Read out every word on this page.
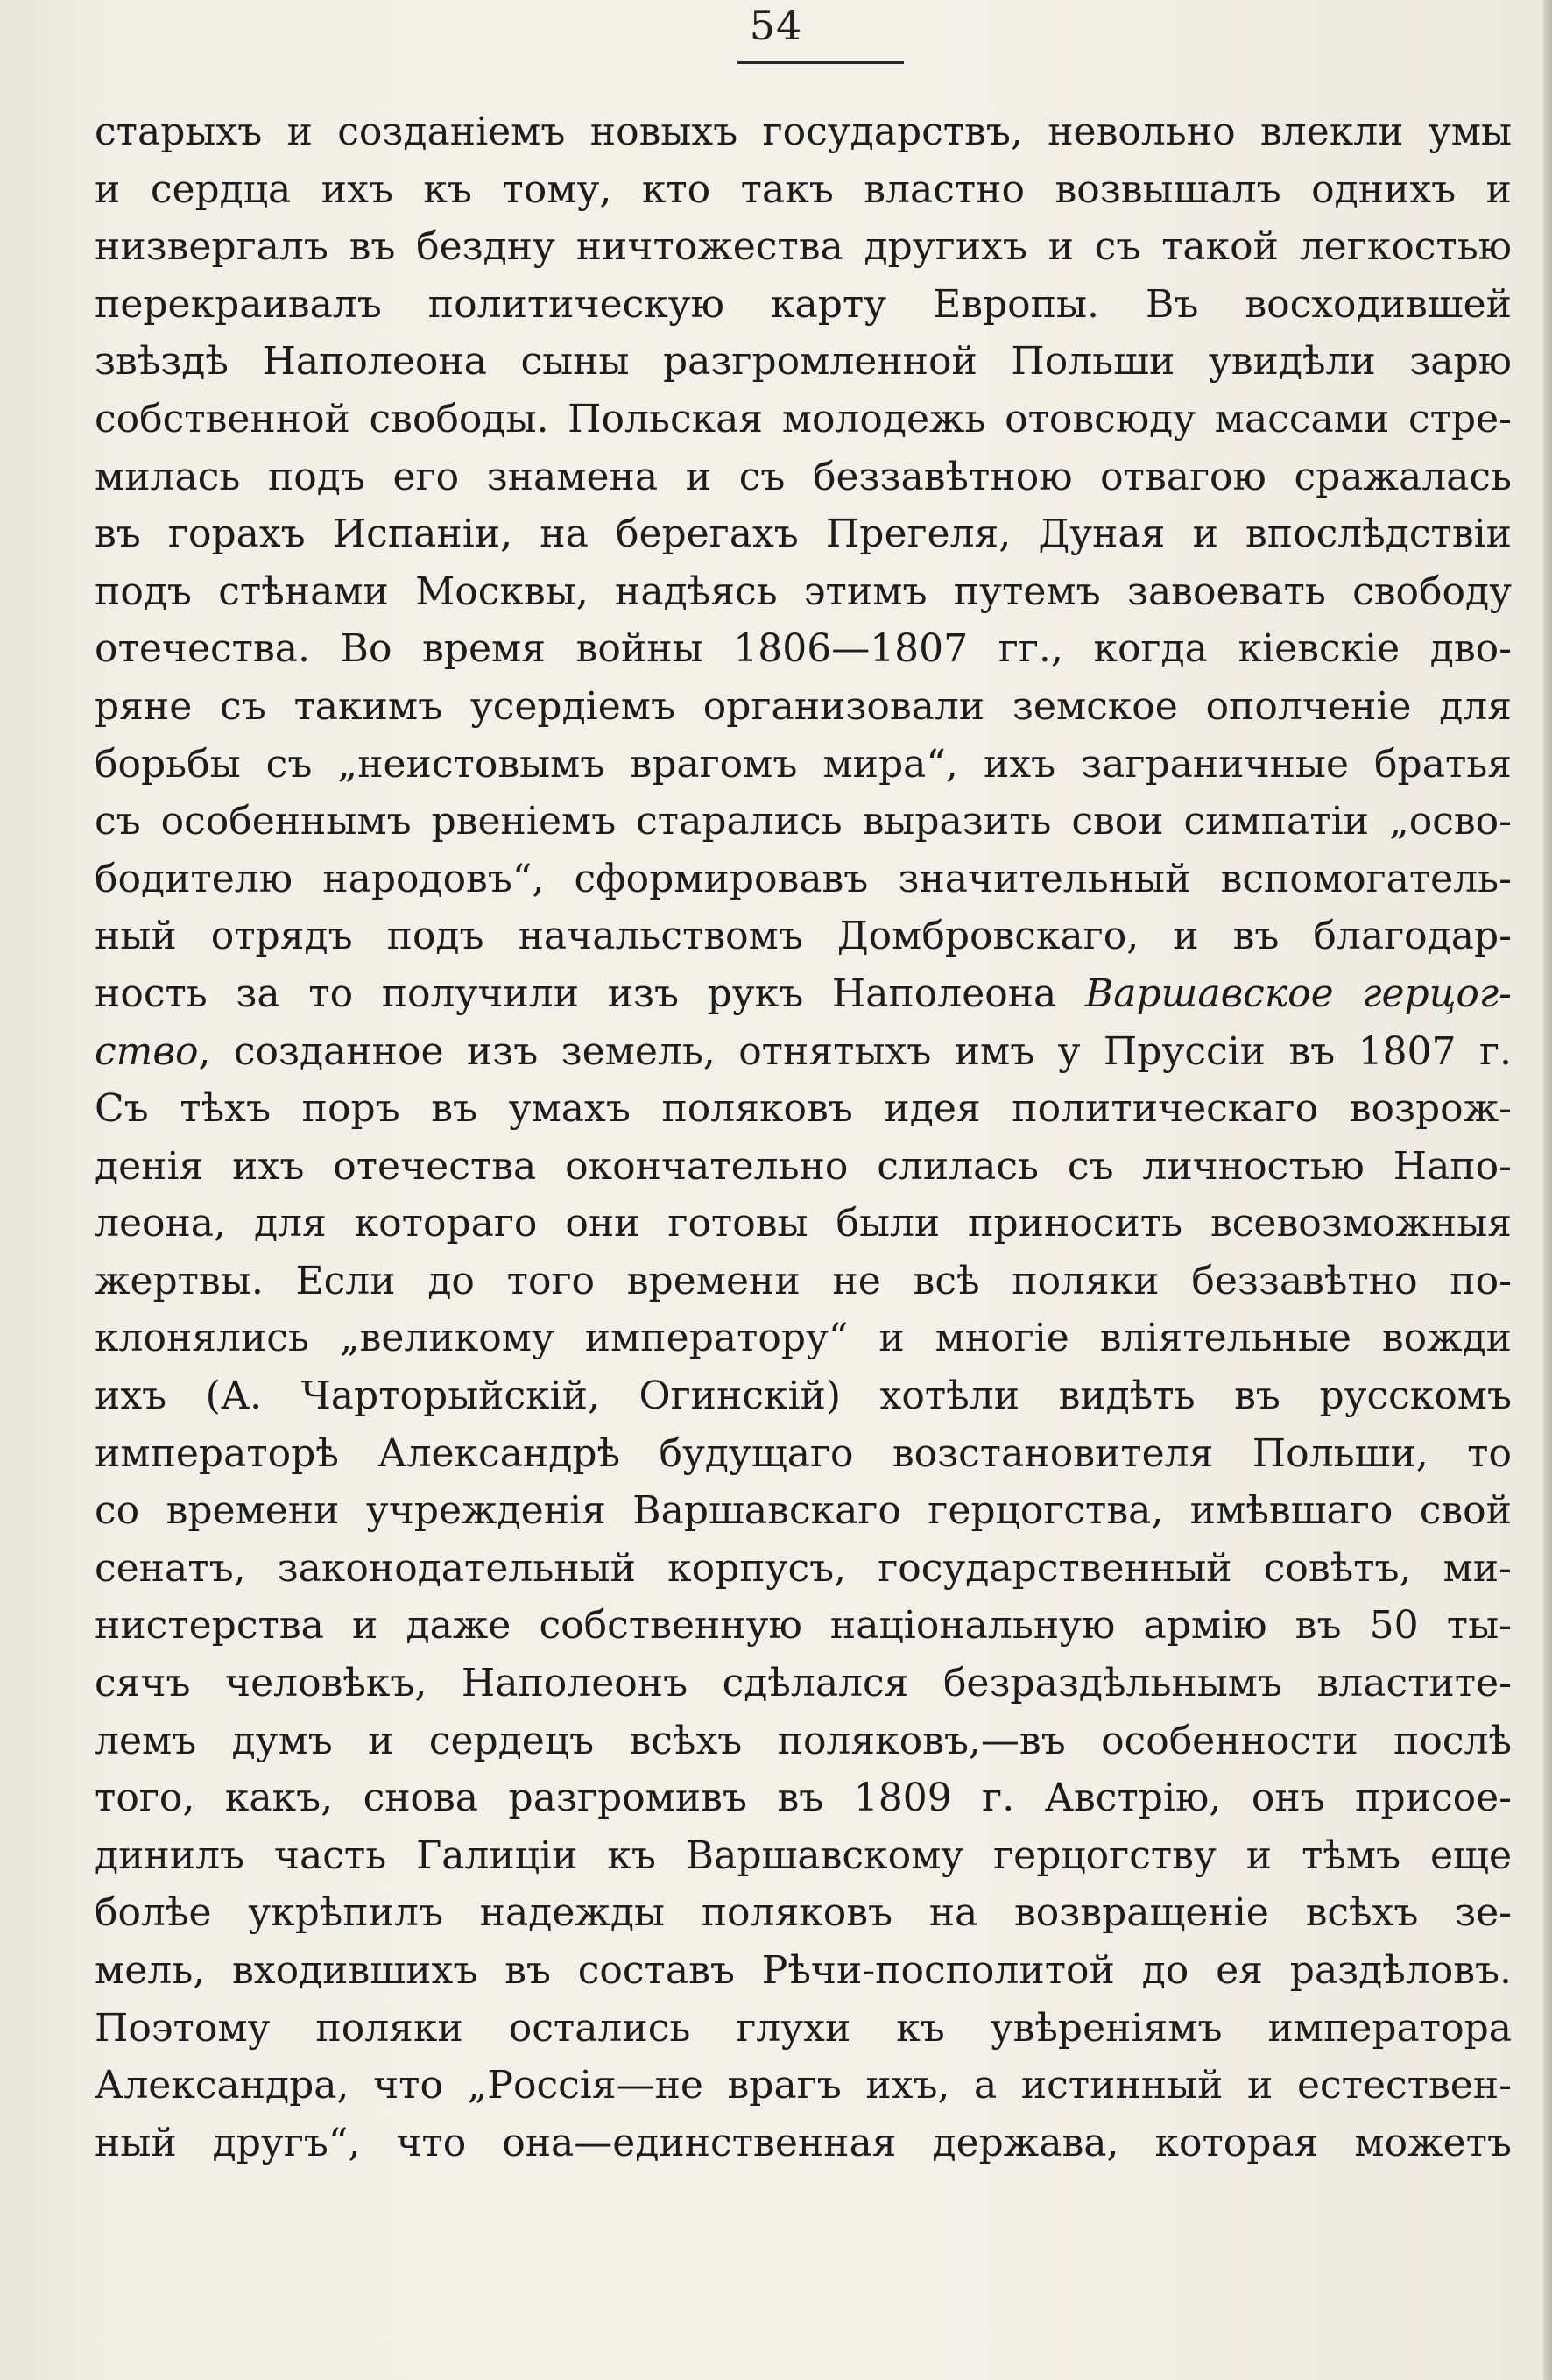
54
старыхъ и созданіемъ новыхъ государствъ, невольно влекли умы
и сердца ихъ къ тому, кто такъ властно возвышалъ однихъ и
низвергалъ въ бездну ничтожества другихъ и съ такой легкостью
перекраивалъ политическую карту Европы. Въ восходившей
звѣздѣ Наполеона сыны разгромленной Польши увидѣли зарю
собственной свободы. Польская молодежь отовсюду массами стре-
милась подъ его знамена и съ беззавѣтною отвагою сражалась
въ горахъ Испаніи, на берегахъ Прегеля, Дуная и впослѣдствіи
подъ стѣнами Москвы, надѣясь этимъ путемъ завоевать свободу
отечества. Во время войны 1806—1807 гг., когда кіевскіе дво-
ряне съ такимъ усердіемъ организовали земское ополченіе для
борьбы съ „неистовымъ врагомъ мира“, ихъ заграничные братья
съ особеннымъ рвеніемъ старались выразить свои симпатіи „осво-
бодителю народовъ“, сформировавъ значительный вспомогатель-
ный отрядъ подъ начальствомъ Домбровскаго, и въ благодар-
ность за то получили изъ рукъ Наполеона Варшавское герцог-
ство, созданное изъ земель, отнятыхъ имъ у Пруссіи въ 1807 г.
Съ тѣхъ поръ въ умахъ поляковъ идея политическаго возрож-
денія ихъ отечества окончательно слилась съ личностью Напо-
леона, для котораго они готовы были приносить всевозможныя
жертвы. Если до того времени не всѣ поляки беззавѣтно по-
клонялись „великому императору“ и многіе вліятельные вожди
ихъ (А. Чарторыйскій, Огинскій) хотѣли видѣть въ русскомъ
императорѣ Александрѣ будущаго возстановителя Польши, то
со времени учрежденія Варшавскаго герцогства, имѣвшаго свой
сенатъ, законодательный корпусъ, государственный совѣтъ, ми-
нистерства и даже собственную національную армію въ 50 ты-
сячъ человѣкъ, Наполеонъ сдѣлался безраздѣльнымъ властите-
лемъ думъ и сердецъ всѣхъ поляковъ,—въ особенности послѣ
того, какъ, снова разгромивъ въ 1809 г. Австрію, онъ присое-
динилъ часть Галиціи къ Варшавскому герцогству и тѣмъ еще
болѣе укрѣпилъ надежды поляковъ на возвращеніе всѣхъ зе-
мель, входившихъ въ составъ Рѣчи-посполитой до ея раздѣловъ.
Поэтому поляки остались глухи къ увѣреніямъ императора
Александра, что „Россія—не врагъ ихъ, а истинный и естествен-
ный другъ“, что она—единственная держава, которая можетъ
